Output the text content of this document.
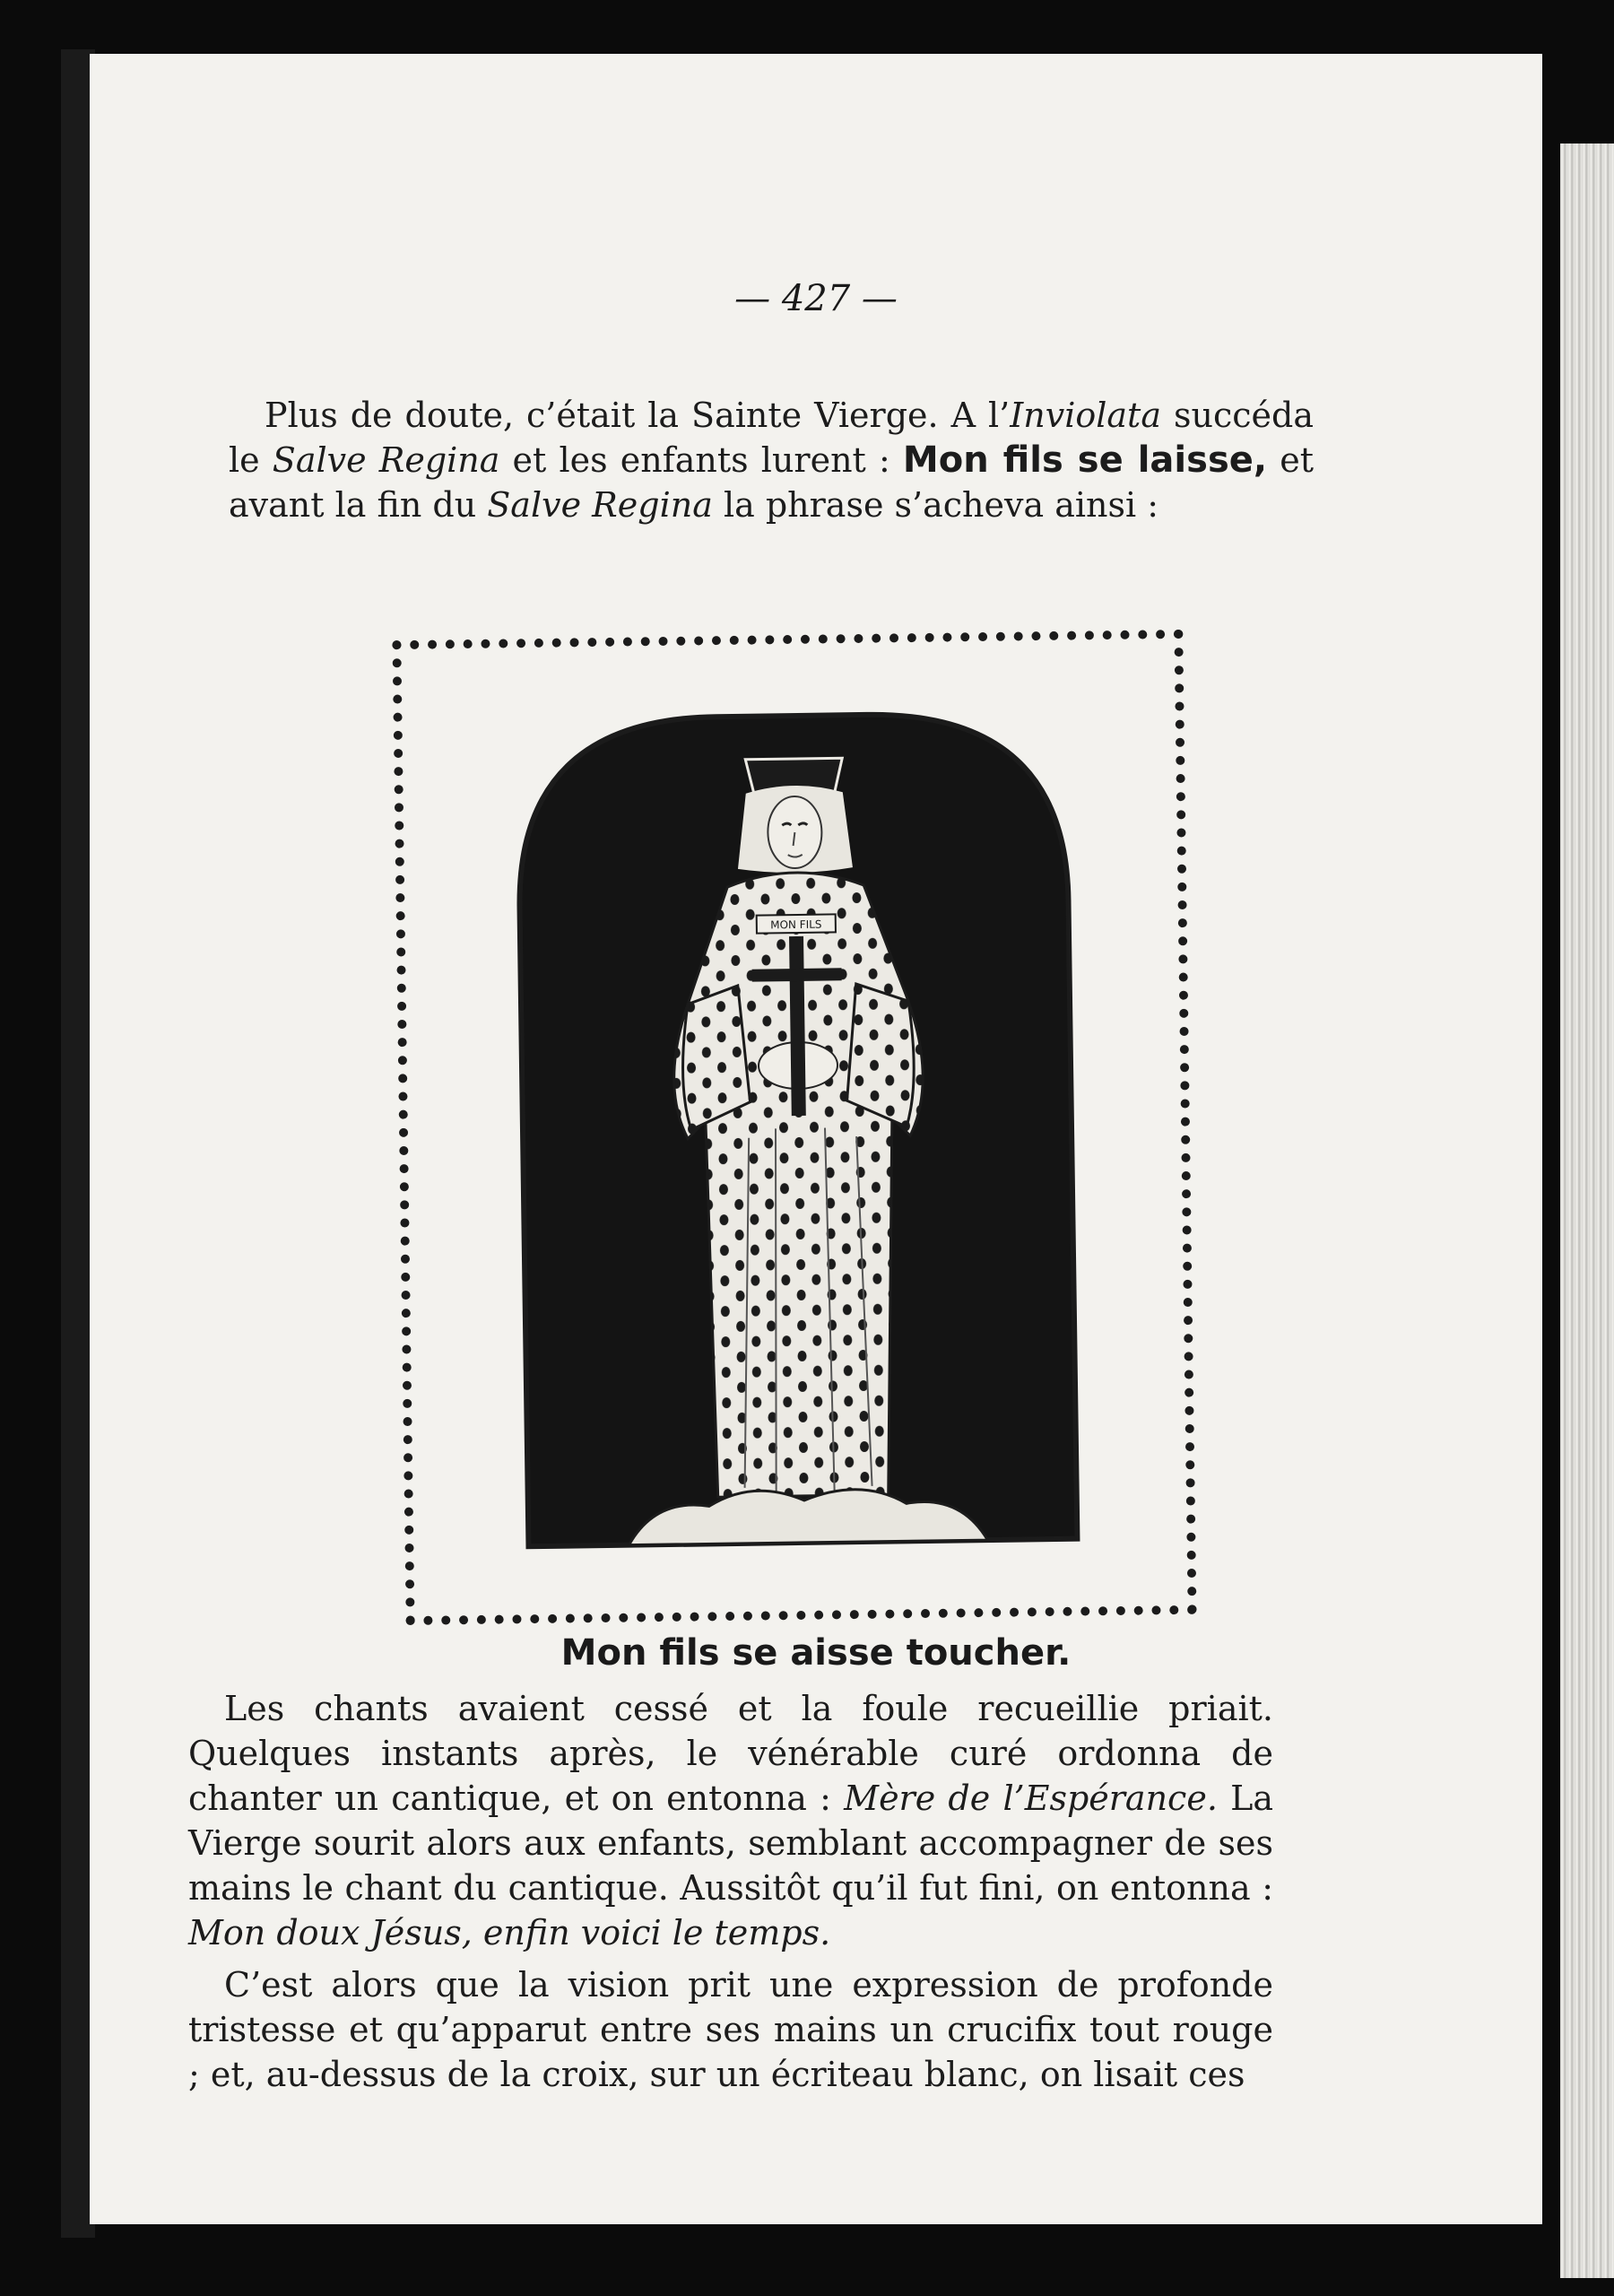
— 427 —
Plus de doute, c’était la Sainte Vierge. A l’Inviolata succéda le Salve Regina et les enfants lurent : Mon fils se laisse, et avant la fin du Salve Regina la phrase s’acheva ainsi :
MON FILS
Mon fils se aisse toucher.
Les chants avaient cessé et la foule recueillie priait. Quelques instants après, le vénérable curé ordonna de chanter un cantique, et on entonna : Mère de l’Espérance. La Vierge sourit alors aux enfants, semblant accompagner de ses mains le chant du cantique. Aussitôt qu’il fut fini, on entonna : Mon doux Jésus, enfin voici le temps.
C’est alors que la vision prit une expression de profonde tristesse et qu’apparut entre ses mains un crucifix tout rouge ; et, au-dessus de la croix, sur un écriteau blanc, on lisait ces
